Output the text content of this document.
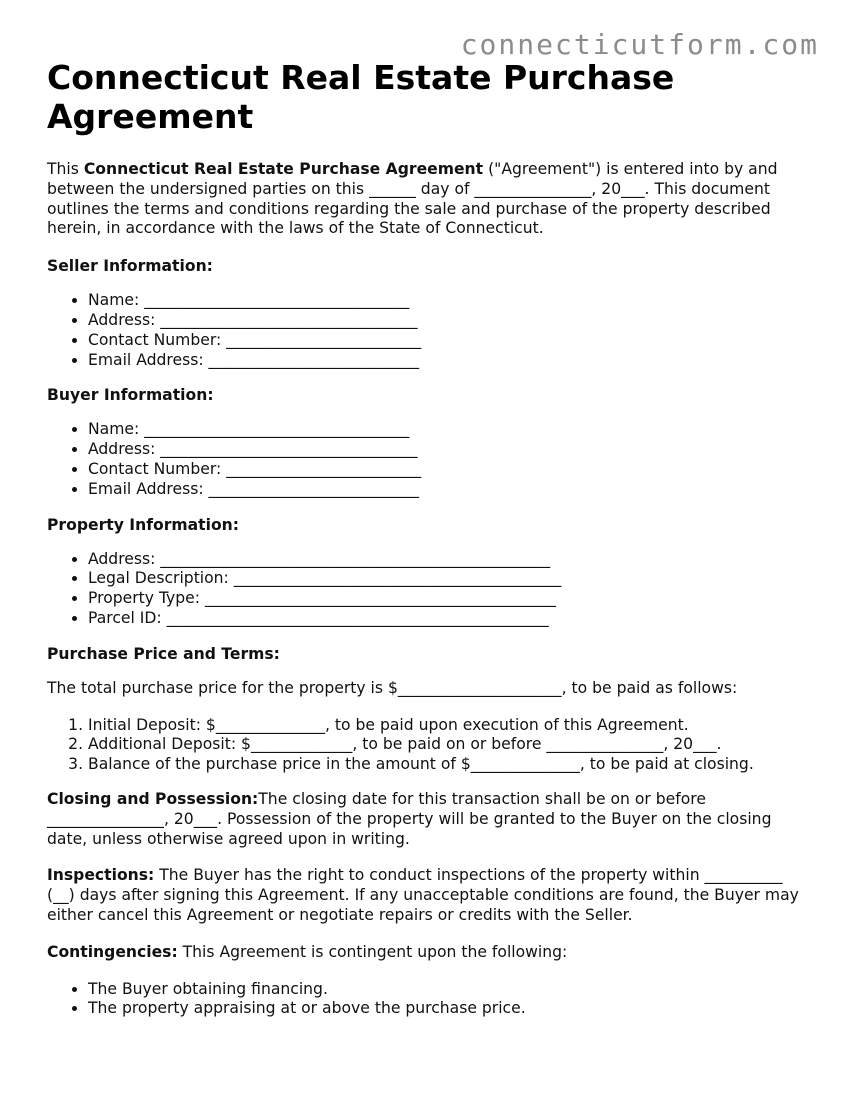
connecticutform.com
Connecticut Real Estate Purchase Agreement

This Connecticut Real Estate Purchase Agreement ("Agreement") is entered into by and between the undersigned parties on this ______ day of _______________, 20___. This document outlines the terms and conditions regarding the sale and purchase of the property described herein, in accordance with the laws of the State of Connecticut.

Seller Information:
• Name: __________________________________
• Address: _________________________________
• Contact Number: _________________________
• Email Address: ___________________________
Buyer Information:
• Name: __________________________________
• Address: _________________________________
• Contact Number: _________________________
• Email Address: ___________________________
Property Information:
• Address: __________________________________________________
• Legal Description: __________________________________________
• Property Type: _____________________________________________
• Parcel ID: _________________________________________________
Purchase Price and Terms:

The total purchase price for the property is $_____________________, to be paid as follows:

1. Initial Deposit: $______________, to be paid upon execution of this Agreement.
2. Additional Deposit: $_____________, to be paid on or before _______________, 20___.
3. Balance of the purchase price in the amount of $______________, to be paid at closing.

Closing and Possession:The closing date for this transaction shall be on or before _______________, 20___. Possession of the property will be granted to the Buyer on the closing date, unless otherwise agreed upon in writing.

Inspections: The Buyer has the right to conduct inspections of the property within __________ (__) days after signing this Agreement. If any unacceptable conditions are found, the Buyer may either cancel this Agreement or negotiate repairs or credits with the Seller.

Contingencies: This Agreement is contingent upon the following:

• The Buyer obtaining financing.
• The property appraising at or above the purchase price.
